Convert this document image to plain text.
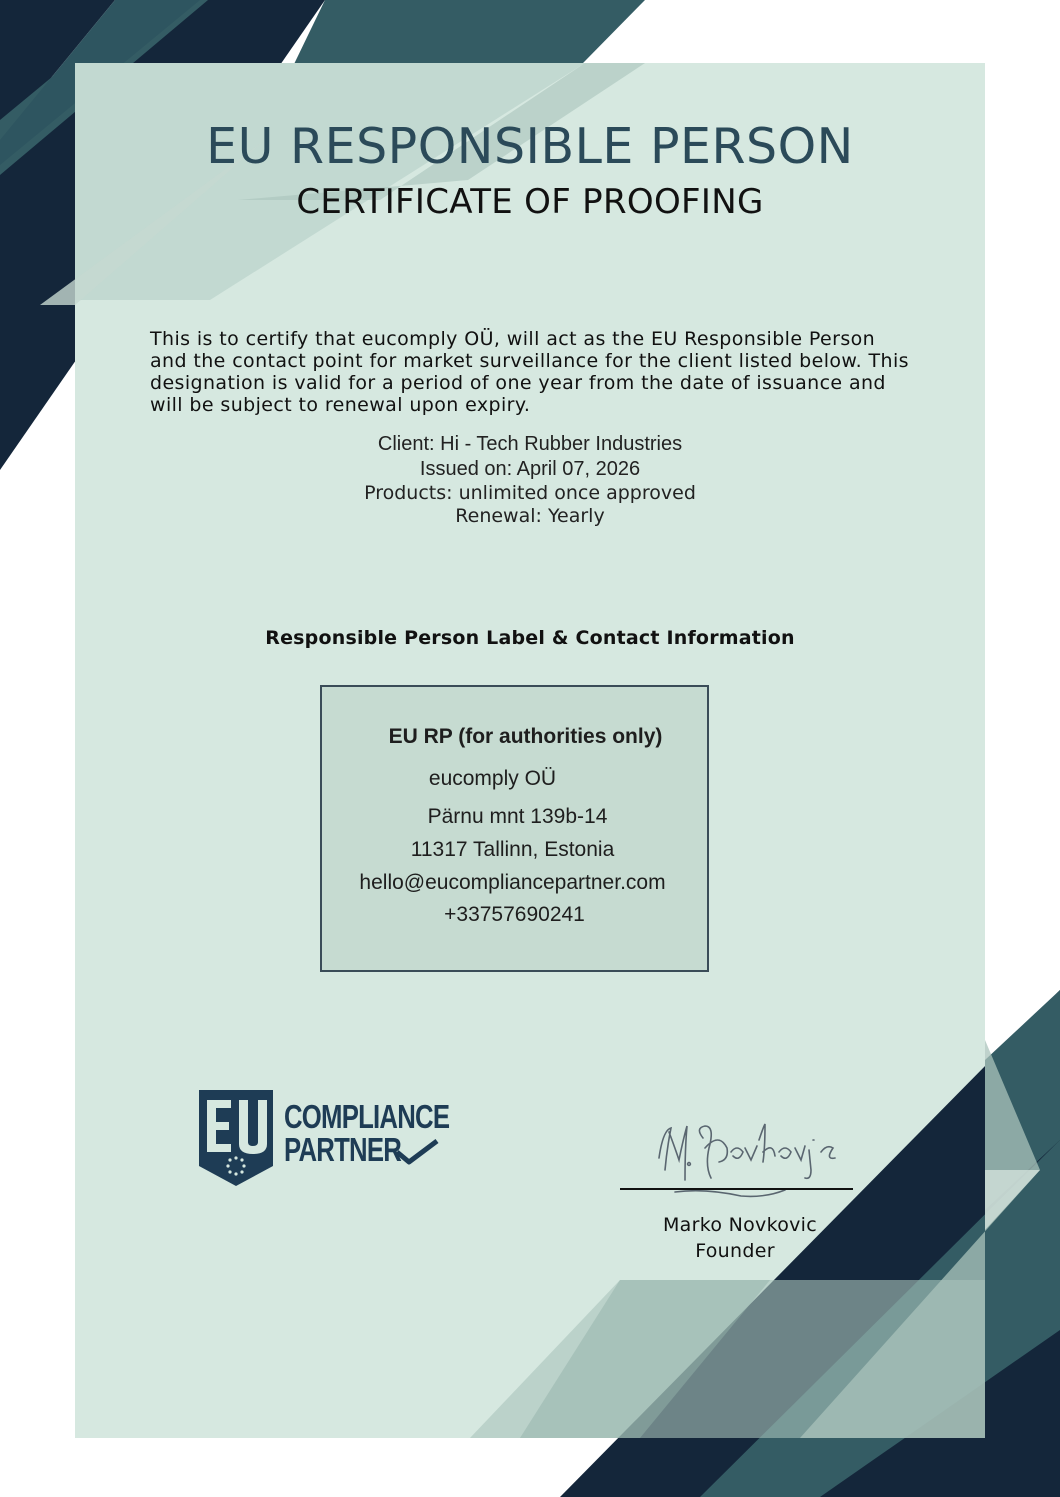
EU RESPONSIBLE PERSON
CERTIFICATE OF PROOFING

This is to certify that eucomply OÜ, will act as the EU Responsible Person and the contact point for market surveillance for the client listed below. This designation is valid for a period of one year from the date of issuance and will be subject to renewal upon expiry.

Client: Hi - Tech Rubber Industries
Issued on: April 07, 2026
Products: unlimited once approved
Renewal: Yearly
Responsible Person Label & Contact Information
EU RP (for authorities only)
eucomply OÜ
Pärnu mnt 139b-14
11317 Tallinn, Estonia
hello@eucompliancepartner.com
+33757690241
COMPLIANCE
PARTNER
Marko Novkovic
Founder
